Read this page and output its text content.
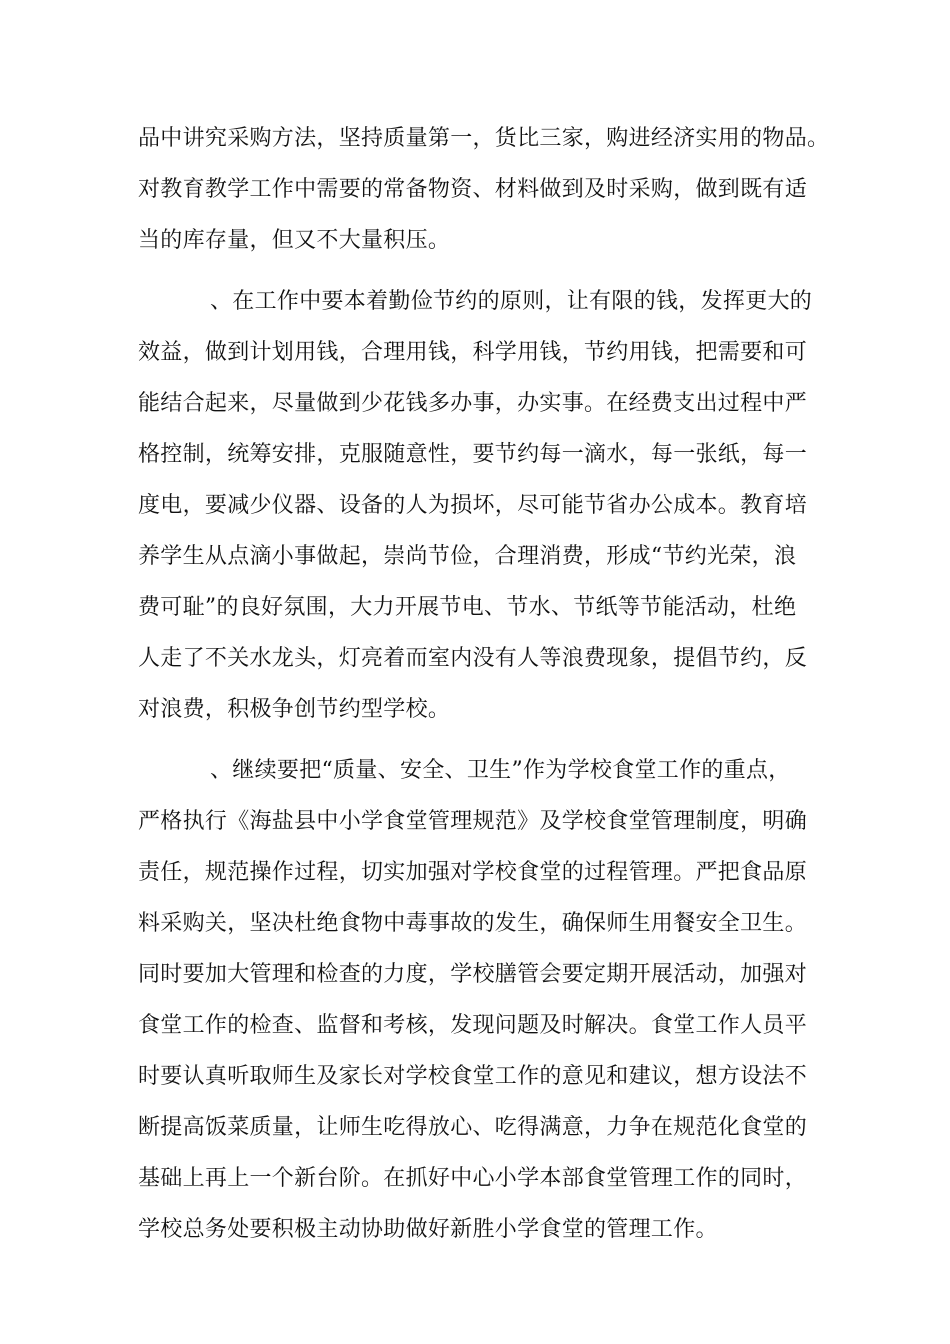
品中讲究采购方法，坚持质量第一，货比三家，购进经济实用的物品。
对教育教学工作中需要的常备物资、材料做到及时采购，做到既有适
当的库存量，但又不大量积压。
、在工作中要本着勤俭节约的原则，让有限的钱，发挥更大的
效益，做到计划用钱，合理用钱，科学用钱，节约用钱，把需要和可
能结合起来，尽量做到少花钱多办事，办实事。在经费支出过程中严
格控制，统筹安排，克服随意性，要节约每一滴水，每一张纸，每一
度电，要减少仪器、设备的人为损坏，尽可能节省办公成本。教育培
养学生从点滴小事做起，崇尚节俭，合理消费，形成“节约光荣，浪
费可耻”的良好氛围，大力开展节电、节水、节纸等节能活动，杜绝
人走了不关水龙头，灯亮着而室内没有人等浪费现象，提倡节约，反
对浪费，积极争创节约型学校。
、继续要把“质量、安全、卫生”作为学校食堂工作的重点，
严格执行《海盐县中小学食堂管理规范》及学校食堂管理制度，明确
责任，规范操作过程，切实加强对学校食堂的过程管理。严把食品原
料采购关，坚决杜绝食物中毒事故的发生，确保师生用餐安全卫生。
同时要加大管理和检查的力度，学校膳管会要定期开展活动，加强对
食堂工作的检查、监督和考核，发现问题及时解决。食堂工作人员平
时要认真听取师生及家长对学校食堂工作的意见和建议，想方设法不
断提高饭菜质量，让师生吃得放心、吃得满意，力争在规范化食堂的
基础上再上一个新台阶。在抓好中心小学本部食堂管理工作的同时，
学校总务处要积极主动协助做好新胜小学食堂的管理工作。
